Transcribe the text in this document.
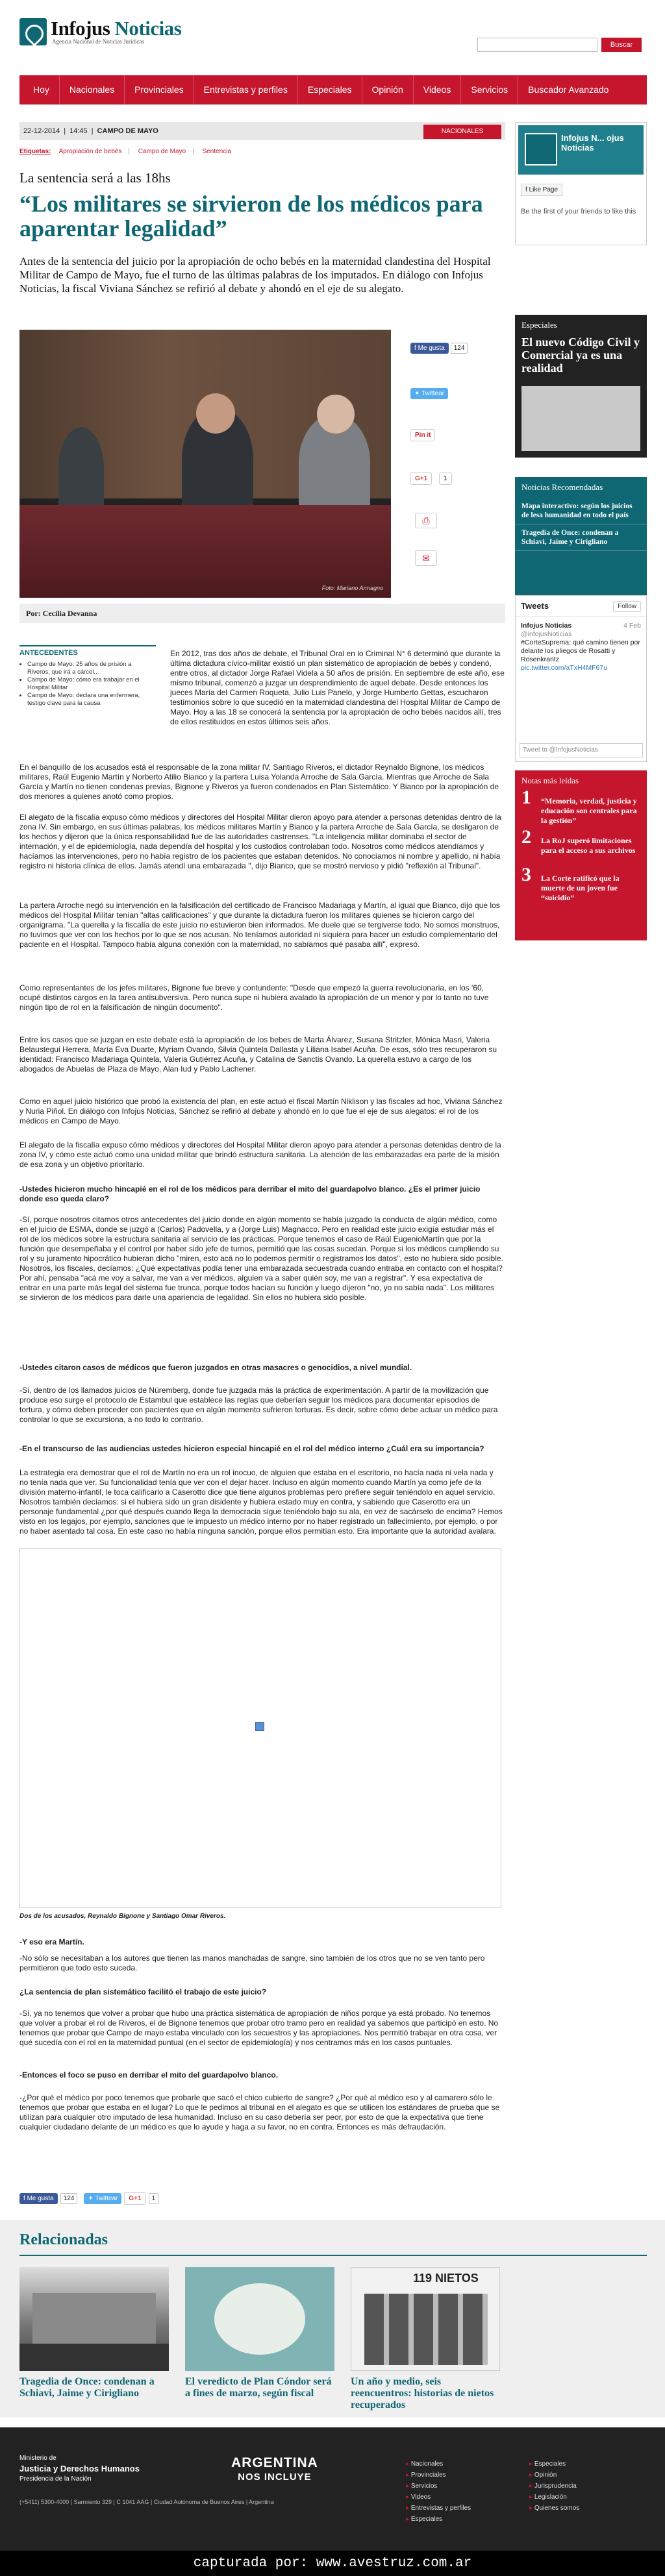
Infojus Noticias
Agencia Nacional de Noticias Jurídicas	Buscar
Hoy	Nacionales	Provinciales	Entrevistas y perfiles	Especiales	Opinión	Videos	Servicios	Buscador Avanzado
22-12-2014 | 14:45 | CAMPO DE MAYO	NACIONALES
Etiquetas: Apropiación de bebés | Campo de Mayo | Sentencia
La sentencia será a las 18hs
“Los militares se sirvieron de los médicos para aparentar legalidad”
Antes de la sentencia del juicio por la apropiación de ocho bebés en la maternidad clandestina del Hospital Militar de Campo de Mayo, fue el turno de las últimas palabras de los imputados. En diálogo con Infojus Noticias, la fiscal Viviana Sánchez se refirió al debate y ahondó en el eje de su alegato.
Foto: Mariano Armagno
f Me gusta 124
✦ Twittear
Pin it
G+1	1
⎙
✉
Por: Cecilia Devanna
ANTECEDENTES
• Campo de Mayo: 25 años de prisión a Riveros, que irá a cárcel...
• Campo de Mayo: cómo era trabajar en el Hospital Militar
• Campo de Mayo: declara una enfermera, testigo clave para la causa

En 2012, tras dos años de debate, el Tribunal Oral en lo Criminal N° 6 determinó que durante la última dictadura cívico-militar existió un plan sistemático de apropiación de bebés y condenó, entre otros, al dictador Jorge Rafael Videla a 50 años de prisión. En septiembre de este año, ese mismo tribunal, comenzó a juzgar un desprendimiento de aquel debate. Desde entonces los jueces María del Carmen Roqueta, Julio Luis Panelo, y Jorge Humberto Gettas, escucharon testimonios sobre lo que sucedió en la maternidad clandestina del Hospital Militar de Campo de Mayo. Hoy a las 18 se conocerá la sentencia por la apropiación de ocho bebés nacidos allí, tres de ellos restituidos en estos últimos seis años.

En el banquillo de los acusados está el responsable de la zona militar IV, Santiago Riveros, el dictador Reynaldo Bignone, los médicos militares, Raúl Eugenio Martín y Norberto Atilio Bianco y la partera Luisa Yolanda Arroche de Sala García. Mientras que Arroche de Sala García y Martín no tienen condenas previas, Bignone y Riveros ya fueron condenados en Plan Sistemático. Y Bianco por la apropiación de dos menores a quienes anotó como propios.

El alegato de la fiscalía expuso cómo médicos y directores del Hospital Militar dieron apoyo para atender a personas detenidas dentro de la zona IV. Sin embargo, en sus últimas palabras, los médicos militares Martín y Bianco y la partera Arroche de Sala García, se desligaron de los hechos y dijeron que la única responsabilidad fue de las autoridades castrenses. "La inteligencia militar dominaba el sector de internación, y el de epidemiología, nada dependía del hospital y los custodios controlaban todo. Nosotros como médicos atendíamos y hacíamos las intervenciones, pero no había registro de los pacientes que estaban detenidos. No conocíamos ni nombre y apellido, ni había registro ni historia clínica de ellos. Jamás atendí una embarazada ", dijo Bianco, que se mostró nervioso y pidió "reflexión al Tribunal".

La partera Arroche negó su intervención en la falsificación del certificado de Francisco Madariaga y Martín, al igual que Bianco, dijo que los médicos del Hospital Militar tenían "altas calificaciones" y que durante la dictadura fueron los militares quienes se hicieron cargo del organigrama. "La querella y la fiscalía de este juicio no estuvieron bien informados. Me duele que se tergiverse todo. No somos monstruos, no tuvimos que ver con los hechos por lo que se nos acusan. No teníamos autoridad ni siquiera para hacer un estudio complementario del paciente en el Hospital. Tampoco había alguna conexión con la maternidad, no sabíamos qué pasaba allí", expresó.

Como representantes de los jefes militares, Bignone fue breve y contundente: "Desde que empezó la guerra revolucionaria, en los '60, ocupé distintos cargos en la tarea antisubversiva. Pero nunca supe ni hubiera avalado la apropiación de un menor y por lo tanto no tuve ningún tipo de rol en la falsificación de ningún documento".

Entre los casos que se juzgan en este debate está la apropiación de los bebes de Marta Álvarez, Susana Stritzler, Mónica Masri, Valeria Belaustegui Herrera, María Eva Duarte, Myriam Ovando, Silvia Quintela Dallasta y Liliana Isabel Acuña. De esos, sólo tres recuperaron su identidad: Francisco Madariaga Quintela, Valeria Gutiérrez Acuña, y Catalina de Sanctis Ovando. La querella estuvo a cargo de los abogados de Abuelas de Plaza de Mayo, Alan Iud y Pablo Lachener.

Como en aquel juicio histórico que probó la existencia del plan, en este actuó el fiscal Martín Niklison y las fiscales ad hoc, Viviana Sánchez y Nuria Piñol. En diálogo con Infojus Noticias, Sánchez se refirió al debate y ahondó en lo que fue el eje de sus alegatos: el rol de los médicos en Campo de Mayo.

El alegato de la fiscalía expuso cómo médicos y directores del Hospital Militar dieron apoyo para atender a personas detenidas dentro de la zona IV, y cómo este actuó como una unidad militar que brindó estructura sanitaria. La atención de las embarazadas era parte de la misión de esa zona y un objetivo prioritario.

-Ustedes hicieron mucho hincapié en el rol de los médicos para derribar el mito del guardapolvo blanco. ¿Es el primer juicio donde eso queda claro?

-Sí, porque nosotros citamos otros antecedentes del juicio donde en algún momento se había juzgado la conducta de algún médico, como en el juicio de ESMA, donde se juzgó a (Carlos) Padovella, y a (Jorge Luis) Magnacco. Pero en realidad este juicio exigía estudiar más el rol de los médicos sobre la estructura sanitaria al servicio de las prácticas. Porque tenemos el caso de Raúl EugenioMartín que por la función que desempeñaba y el control por haber sido jefe de turnos, permitió que las cosas sucedan. Porque si los médicos cumpliendo su rol y su juramento hipocrático hubieran dicho "miren, esto acá no lo podemos permitir o registramos los datos", esto no hubiera sido posible. Nosotros, los fiscales, decíamos: ¿Qué expectativas podía tener una embarazada secuestrada cuando entraba en contacto con el hospital? Por ahí, pensaba "acá me voy a salvar, me van a ver médicos, alguien va a saber quién soy, me van a registrar". Y esa expectativa de entrar en una parte más legal del sistema fue trunca, porque todos hacían su función y luego dijeron "no, yo no sabía nada". Los militares se sirvieron de los médicos para darle una apariencia de legalidad. Sin ellos no hubiera sido posible.

-Ustedes citaron casos de médicos que fueron juzgados en otras masacres o genocidios, a nivel mundial.

-Sí, dentro de los llamados juicios de Núremberg, donde fue juzgada más la práctica de experimentación. A partir de la movilización que produce eso surge el protocolo de Estambul que establece las reglas que deberían seguir los médicos para documentar episodios de tortura, y cómo deben proceder con pacientes que en algún momento sufrieron torturas. Es decir, sobre cómo debe actuar un médico para controlar lo que se excursiona, a no todo lo contrario.

-En el transcurso de las audiencias ustedes hicieron especial hincapié en el rol del médico interno ¿Cuál era su importancia?

La estrategia era demostrar que el rol de Martín no era un rol inocuo, de alguien que estaba en el escritorio, no hacía nada ni vela nada y no tenía nada que ver. Su funcionalidad tenía que ver con el dejar hacer. Incluso en algún momento cuando Martín ya como jefe de la división materno-infantil, le toca calificarlo a Caserotto dice que tiene algunos problemas pero prefiere seguir teniéndolo en aquel servicio. Nosotros también decíamos: si el hubiera sido un gran disidente y hubiera estado muy en contra, y sabiendo que Caserotto era un personaje fundamental ¿por qué después cuando llega la democracia sigue teniéndolo bajo su ala, en vez de sacárselo de encima? Hemos visto en los legajos, por ejemplo, sanciones que le impuesto un médico interno por no haber registrado un fallecimiento, por ejemplo, o por no haber asentado tal cosa. En este caso no había ninguna sanción, porque ellos permitían esto. Era importante que la autoridad avalara.

Dos de los acusados, Reynaldo Bignone y Santiago Omar Riveros.

-Y eso era Martín.

-No sólo se necesitaban a los autores que tienen las manos manchadas de sangre, sino también de los otros que no se ven tanto pero permitieron que todo esto suceda.

¿La sentencia de plan sistemático facilitó el trabajo de este juicio?

-Sí, ya no tenemos que volver a probar que hubo una práctica sistemática de apropiación de niños porque ya está probado. No tenemos que volver a probar el rol de Riveros, el de Bignone tenemos que probar otro tramo pero en realidad ya sabemos que participó en esto. No tenemos que probar que Campo de mayo estaba vinculado con los secuestros y las apropiaciones. Nos permitió trabajar en otra cosa, ver qué sucedía con el rol en la maternidad puntual (en el sector de epidemiología) y nos centramos más en los casos puntuales.

-Entonces el foco se puso en derribar el mito del guardapolvo blanco.

-¿Por qué el médico por poco tenemos que probarle que sacó el chico cubierto de sangre? ¿Por qué al médico eso y al camarero sólo le tenemos que probar que estaba en el lugar? Lo que le pedimos al tribunal en el alegato es que se utilicen los estándares de prueba que se utilizan para cualquier otro imputado de lesa humanidad. Incluso en su caso debería ser peor, por esto de que la expectativa que tiene cualquier ciudadano delante de un médico es que lo ayude y haga a su favor, no en contra. Entonces es más defraudación.

f Me gusta	124	✦ Twittear	G+1	1
Relacionadas
Tragedia de Once: condenan a Schiavi, Jaime y Cirigliano
El veredicto de Plan Cóndor será a fines de marzo, según fiscal
119 NIETOS
Un año y medio, seis reencuentros: historias de nietos recuperados
Infojus N... ojus Noticias
f Like Page
Be the first of your friends to like this
Especiales
El nuevo Código Civil y Comercial ya es una realidad
Noticias Recomendadas
Mapa interactivo: según los juicios de lesa humanidad en todo el país
Tragedia de Once: condenan a Schiavi, Jaime y Cirigliano
Tweets	Follow
Infojus Noticias	4 Feb

@infojusNoticias
#CorteSuprema: qué camino tienen por delante los pliegos de Rosatti y Rosenkrantz
pic.twitter.com/aTxH4MF67u
Tweet to @InfojusNoticias
Notas más leídas
1 “Memoria, verdad, justicia y educación son centrales para la gestión”
2 La RoJ superó limitaciones para el acceso a sus archivos
3 La Corte ratificó que la muerte de un joven fue “suicidio”
Ministerio de
Justicia y Derechos Humanos
Presidencia de la Nación
ARGENTINA
NOS INCLUYE
(+5411) 5300-4000 | Sarmiento 329 | C 1041 AAG | Ciudad Autónoma de Buenos Aires | Argentina
▸ Nacionales
▸ Provinciales
▸ Servicios
▸ Videos
▸ Entrevistas y perfiles
▸ Especiales
▸ Especiales
▸ Opinión
▸ Jurisprudencia
▸ Legislación
▸ Quienes somos
capturada por: www.avestruz.com.ar
